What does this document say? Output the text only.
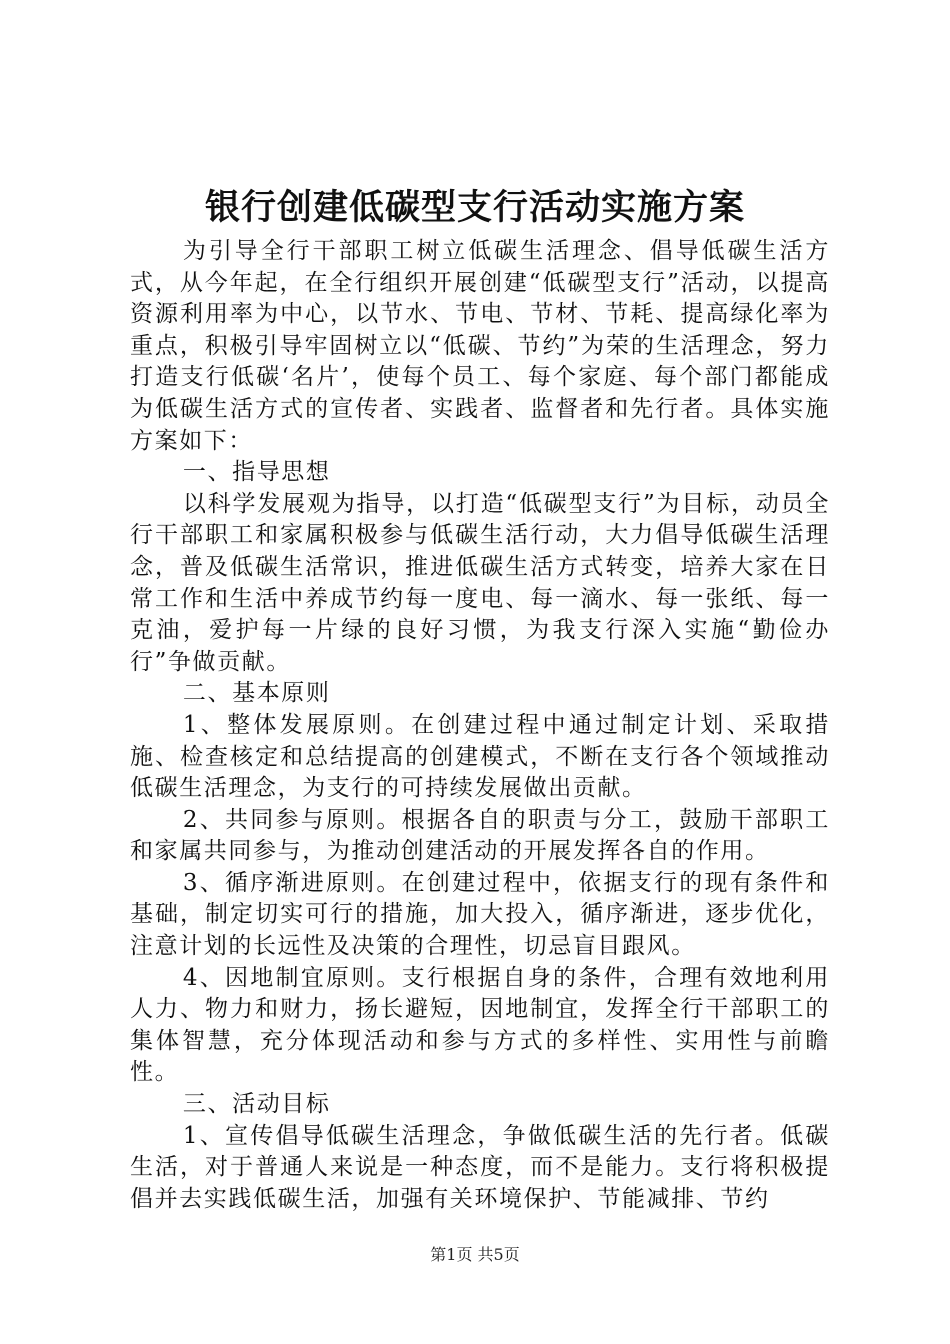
银行创建低碳型支行活动实施方案

为引导全行干部职工树立低碳生活理念、倡导低碳生活方式，从今年起，在全行组织开展创建“低碳型支行”活动，以提高资源利用率为中心，以节水、节电、节材、节耗、提高绿化率为重点，积极引导牢固树立以“低碳、节约”为荣的生活理念，努力打造支行低碳‘名片’，使每个员工、每个家庭、每个部门都能成为低碳生活方式的宣传者、实践者、监督者和先行者。具体实施方案如下：

一、指导思想

以科学发展观为指导，以打造“低碳型支行”为目标，动员全行干部职工和家属积极参与低碳生活行动，大力倡导低碳生活理念，普及低碳生活常识，推进低碳生活方式转变，培养大家在日常工作和生活中养成节约每一度电、每一滴水、每一张纸、每一克油，爱护每一片绿的良好习惯，为我支行深入实施“勤俭办行”争做贡献。

二、基本原则

1、整体发展原则。在创建过程中通过制定计划、采取措施、检查核定和总结提高的创建模式，不断在支行各个领域推动低碳生活理念，为支行的可持续发展做出贡献。

2、共同参与原则。根据各自的职责与分工，鼓励干部职工和家属共同参与，为推动创建活动的开展发挥各自的作用。

3、循序渐进原则。在创建过程中，依据支行的现有条件和基础，制定切实可行的措施，加大投入，循序渐进，逐步优化，注意计划的长远性及决策的合理性，切忌盲目跟风。

4、因地制宜原则。支行根据自身的条件，合理有效地利用人力、物力和财力，扬长避短，因地制宜，发挥全行干部职工的集体智慧，充分体现活动和参与方式的多样性、实用性与前瞻性。

三、活动目标

1、宣传倡导低碳生活理念，争做低碳生活的先行者。低碳生活，对于普通人来说是一种态度，而不是能力。支行将积极提倡并去实践低碳生活，加强有关环境保护、节能减排、节约

第1页 共5页
